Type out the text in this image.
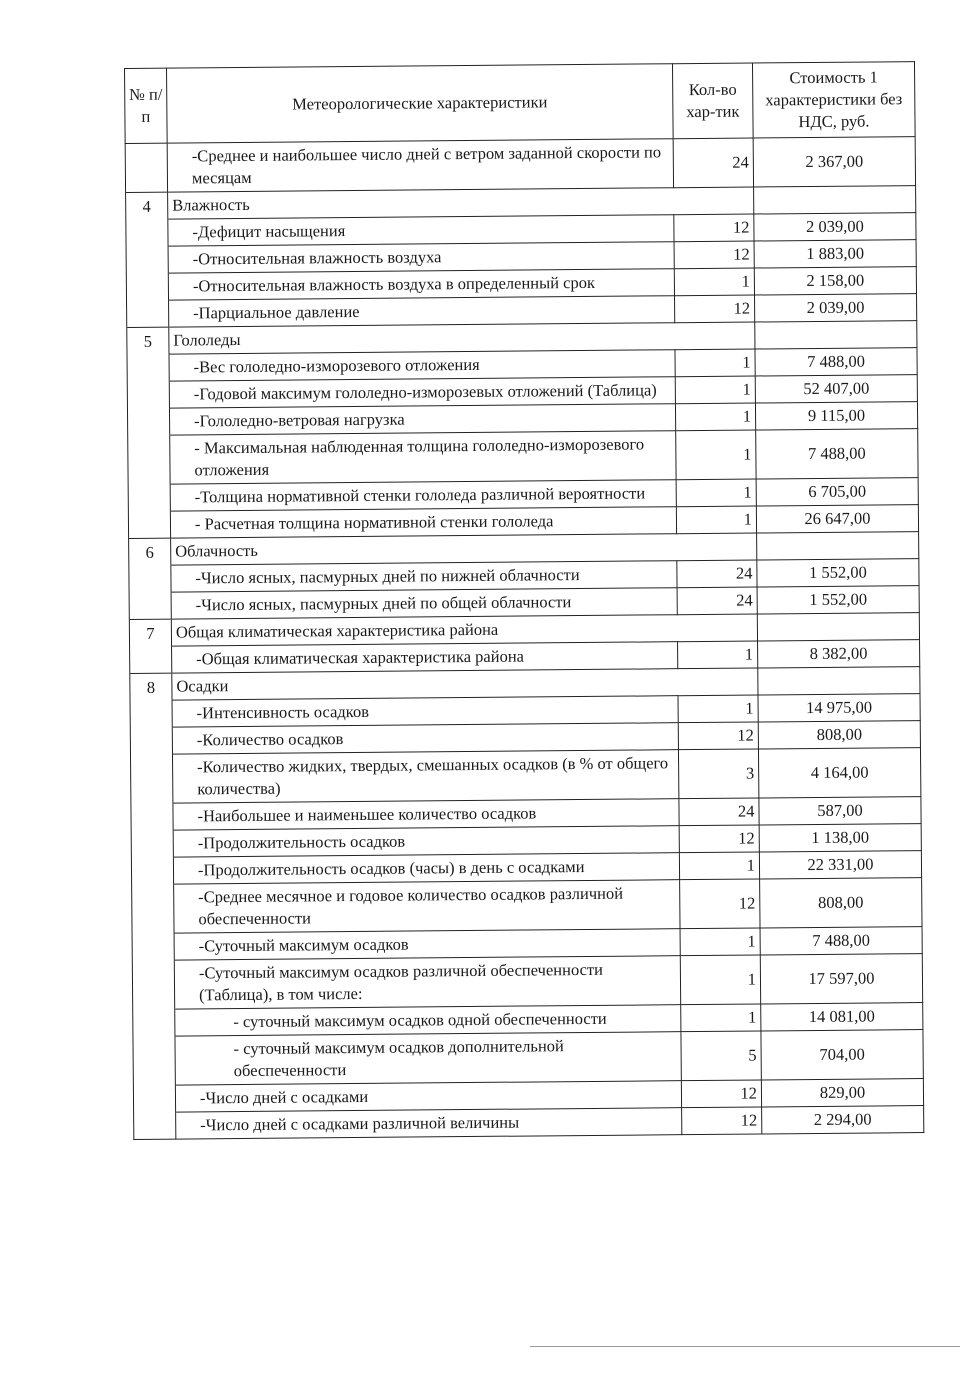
№ п/п	Метеорологические характеристики	Кол-во хар-тик	Стоимость 1 характеристики без НДС, руб.
	-Среднее и наибольшее число дней с ветром заданной скорости по месяцам	24	2 367,00
4	Влажность		
	-Дефицит насыщения	12	2 039,00
	-Относительная влажность воздуха	12	1 883,00
	-Относительная влажность воздуха в определенный срок	1	2 158,00
	-Парциальное давление	12	2 039,00
5	Гололеды		
	-Вес гололедно-изморозевого отложения	1	7 488,00
	-Годовой максимум гололедно-изморозевых отложений (Таблица)	1	52 407,00
	-Гололедно-ветровая нагрузка	1	9 115,00
	- Максимальная наблюденная толщина гололедно-изморозевого отложения	1	7 488,00
	-Толщина нормативной стенки гололеда различной вероятности	1	6 705,00
	- Расчетная толщина нормативной стенки гололеда	1	26 647,00
6	Облачность		
	-Число ясных, пасмурных дней по нижней облачности	24	1 552,00
	-Число ясных, пасмурных дней по общей облачности	24	1 552,00
7	Общая климатическая характеристика района		
	-Общая климатическая характеристика района	1	8 382,00
8	Осадки		
	-Интенсивность осадков	1	14 975,00
	-Количество осадков	12	808,00
	-Количество жидких, твердых, смешанных осадков (в % от общего количества)	3	4 164,00
	-Наибольшее и наименьшее количество осадков	24	587,00
	-Продолжительность осадков	12	1 138,00
	-Продолжительность осадков (часы) в день с осадками	1	22 331,00
	-Среднее месячное и годовое количество осадков различной обеспеченности	12	808,00
	-Суточный максимум осадков	1	7 488,00
	-Суточный максимум осадков различной обеспеченности (Таблица), в том числе:	1	17 597,00
	- суточный максимум осадков одной обеспеченности	1	14 081,00
	- суточный максимум осадков дополнительной обеспеченности	5	704,00
	-Число дней с осадками	12	829,00
	-Число дней с осадками различной величины	12	2 294,00
